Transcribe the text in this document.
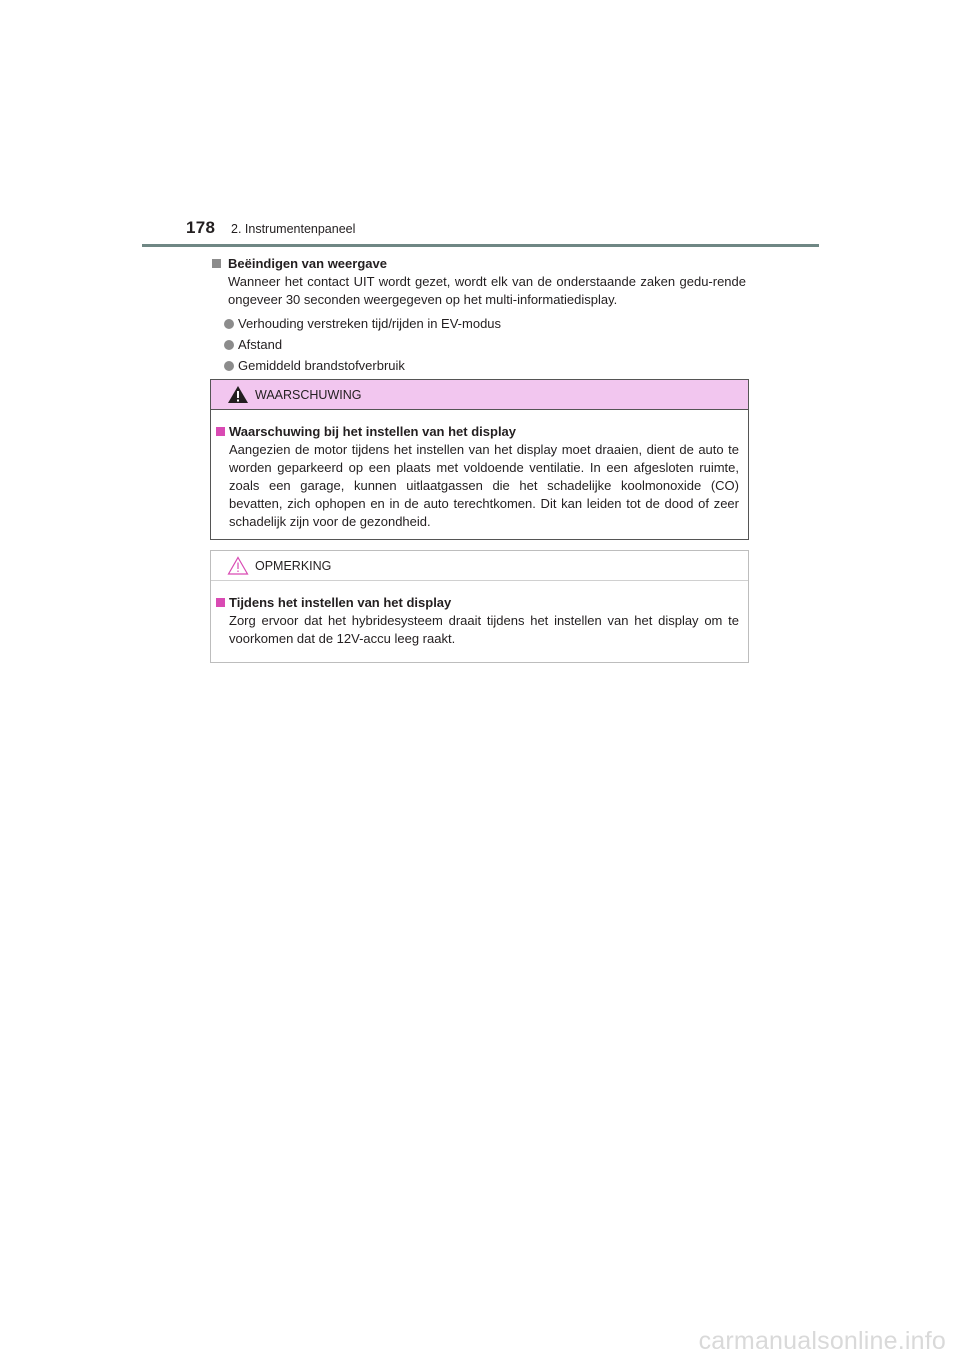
178 2. Instrumentenpaneel
Beëindigen van weergave
Wanneer het contact UIT wordt gezet, wordt elk van de onderstaande zaken gedu-rende ongeveer 30 seconden weergegeven op het multi-informatiedisplay.
Verhouding verstreken tijd/rijden in EV-modus
Afstand
Gemiddeld brandstofverbruik
WAARSCHUWING
Waarschuwing bij het instellen van het display
Aangezien de motor tijdens het instellen van het display moet draaien, dient de auto te worden geparkeerd op een plaats met voldoende ventilatie. In een afgesloten ruimte, zoals een garage, kunnen uitlaatgassen die het schadelijke koolmonoxide (CO) bevatten, zich ophopen en in de auto terechtkomen. Dit kan leiden tot de dood of zeer schadelijk zijn voor de gezondheid.
OPMERKING
Tijdens het instellen van het display
Zorg ervoor dat het hybridesysteem draait tijdens het instellen van het display om te voorkomen dat de 12V-accu leeg raakt.
carmanualsonline.info
